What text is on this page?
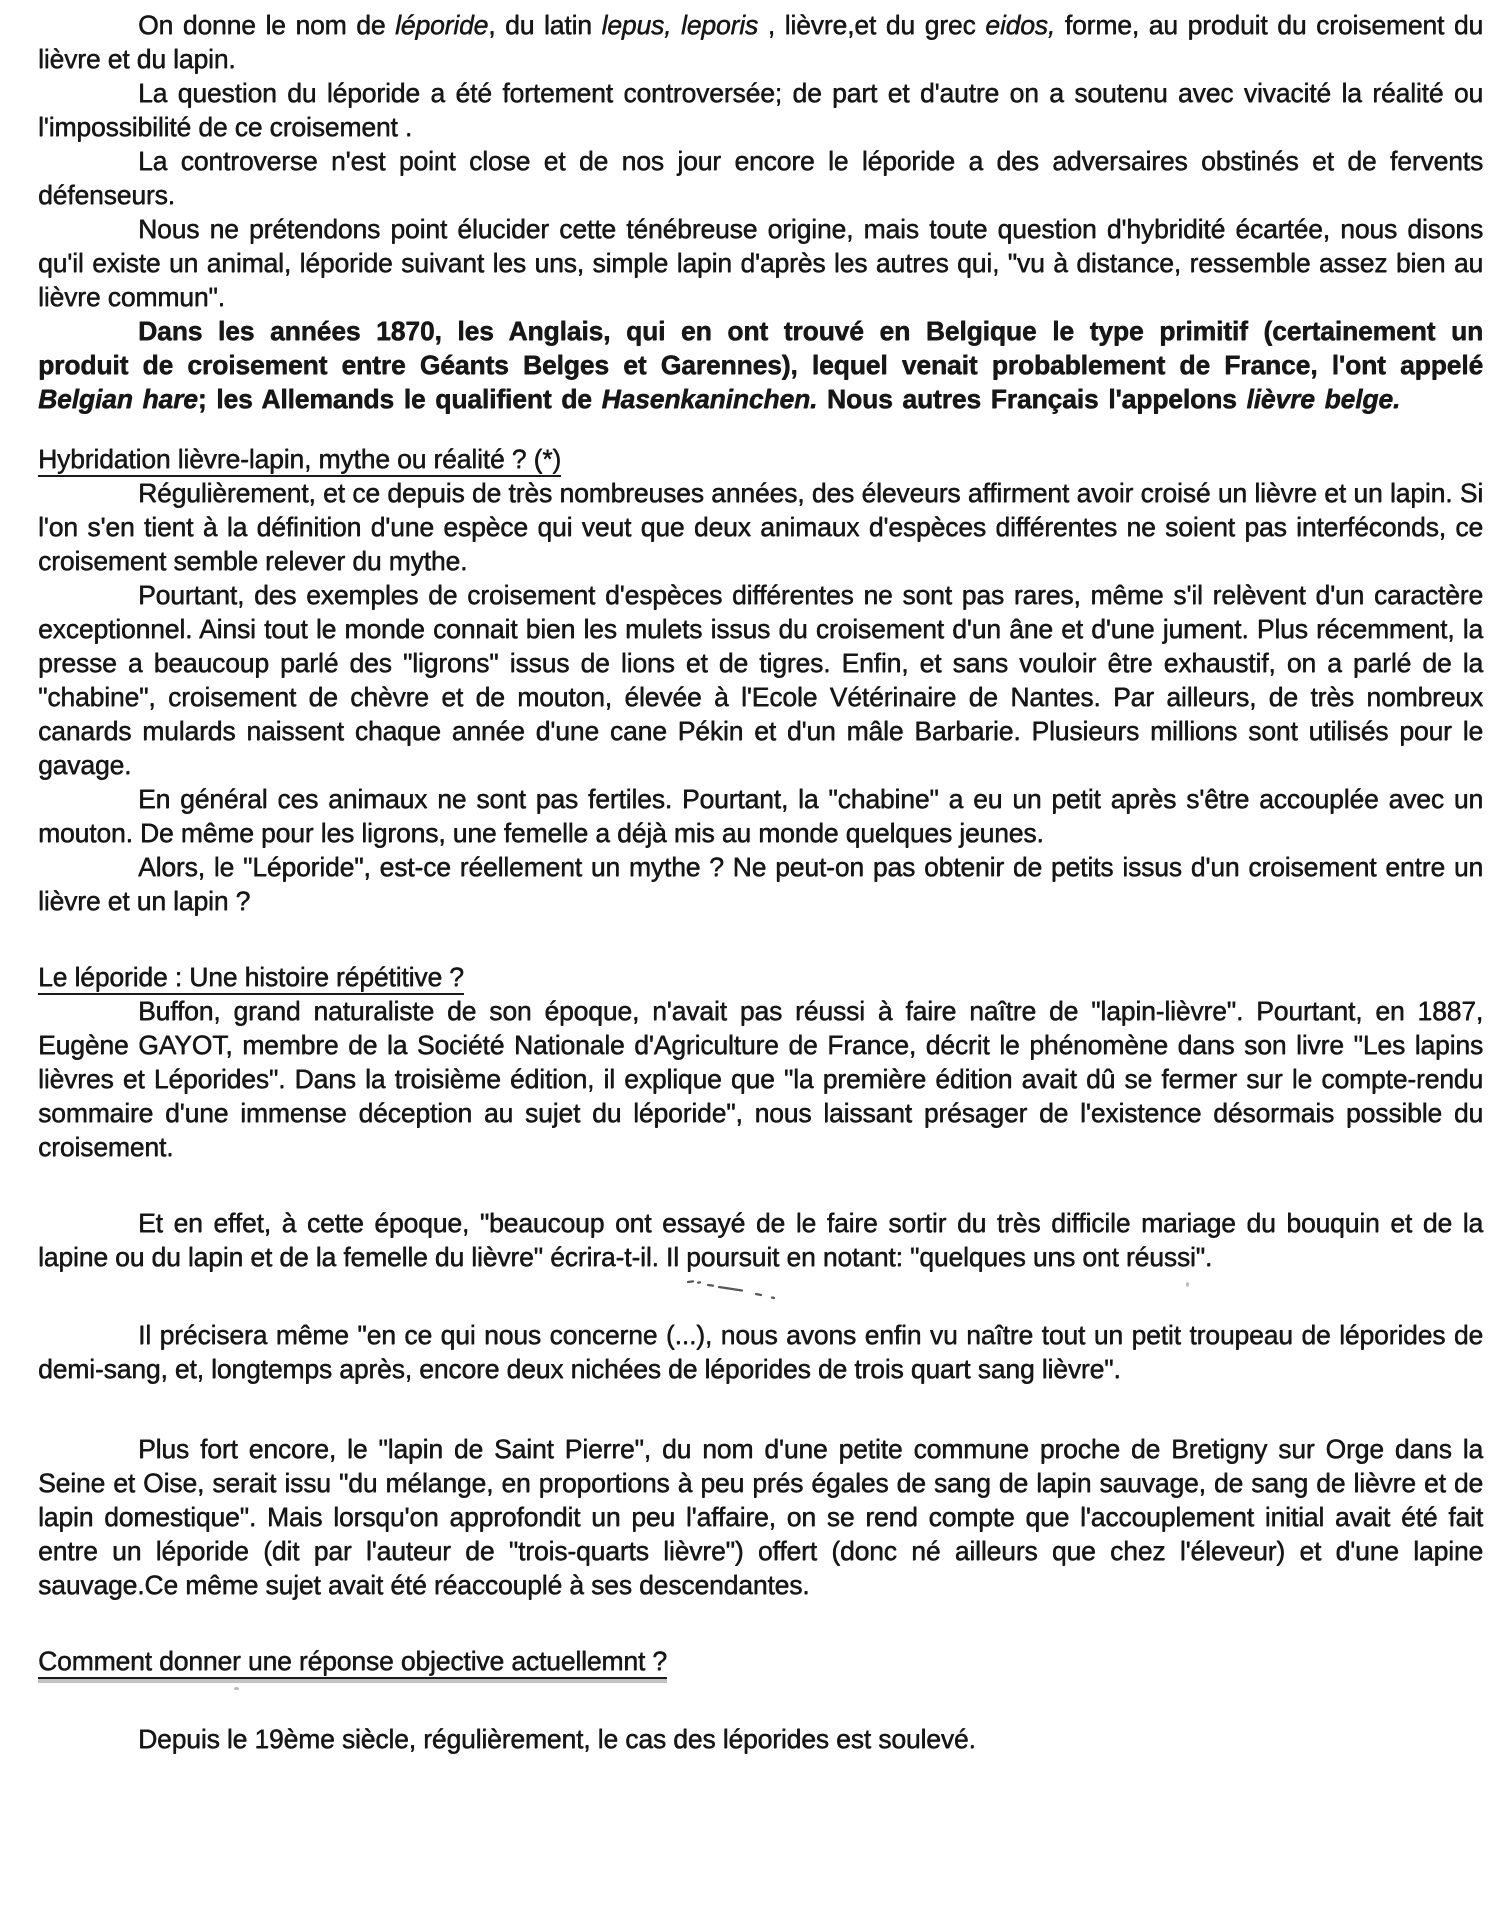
On donne le nom de léporide, du latin lepus, leporis , lièvre,et du grec eidos, forme, au produit du croisement du lièvre et du lapin.

La question du léporide a été fortement controversée; de part et d'autre on a soutenu avec vivacité la réalité ou l'impossibilité de ce croisement .

La controverse n'est point close et de nos jour encore le léporide a des adversaires obstinés et de fervents défenseurs.

Nous ne prétendons point élucider cette ténébreuse origine, mais toute question d'hybridité écartée, nous disons qu'il existe un animal, léporide suivant les uns, simple lapin d'après les autres qui, "vu à distance, ressemble assez bien au lièvre commun".

Dans les années 1870, les Anglais, qui en ont trouvé en Belgique le type primitif (certainement un produit de croisement entre Géants Belges et Garennes), lequel venait probablement de France, l'ont appelé Belgian hare; les Allemands le qualifient de Hasenkaninchen. Nous autres Français l'appelons lièvre belge.

Hybridation lièvre-lapin, mythe ou réalité ? (*)

Régulièrement, et ce depuis de très nombreuses années, des éleveurs affirment avoir croisé un lièvre et un lapin. Si l'on s'en tient à la définition d'une espèce qui veut que deux animaux d'espèces différentes ne soient pas interféconds, ce croisement semble relever du mythe.

Pourtant, des exemples de croisement d'espèces différentes ne sont pas rares, même s'il relèvent d'un caractère exceptionnel. Ainsi tout le monde connait bien les mulets issus du croisement d'un âne et d'une jument. Plus récemment, la presse a beaucoup parlé des "ligrons" issus de lions et de tigres. Enfin, et sans vouloir être exhaustif, on a parlé de la "chabine", croisement de chèvre et de mouton, élevée à l'Ecole Vétérinaire de Nantes. Par ailleurs, de très nombreux canards mulards naissent chaque année d'une cane Pékin et d'un mâle Barbarie. Plusieurs millions sont utilisés pour le gavage.

En général ces animaux ne sont pas fertiles. Pourtant, la "chabine" a eu un petit après s'être accouplée avec un mouton. De même pour les ligrons, une femelle a déjà mis au monde quelques jeunes.

Alors, le "Léporide", est-ce réellement un mythe ? Ne peut-on pas obtenir de petits issus d'un croisement entre un lièvre et un lapin ?

Le léporide : Une histoire répétitive ?

Buffon, grand naturaliste de son époque, n'avait pas réussi à faire naître de "lapin-lièvre". Pourtant, en 1887, Eugène GAYOT, membre de la Société Nationale d'Agriculture de France, décrit le phénomène dans son livre "Les lapins lièvres et Léporides". Dans la troisième édition, il explique que "la première édition avait dû se fermer sur le compte-rendu sommaire d'une immense déception au sujet du léporide", nous laissant présager de l'existence désormais possible du croisement.

Et en effet, à cette époque, "beaucoup ont essayé de le faire sortir du très difficile mariage du bouquin et de la lapine ou du lapin et de la femelle du lièvre" écrira-t-il. Il poursuit en notant: "quelques uns ont réussi".

Il précisera même "en ce qui nous concerne (...), nous avons enfin vu naître tout un petit troupeau de léporides de demi-sang, et, longtemps après, encore deux nichées de léporides de trois quart sang lièvre".

Plus fort encore, le "lapin de Saint Pierre", du nom d'une petite commune proche de Bretigny sur Orge dans la Seine et Oise, serait issu "du mélange, en proportions à peu prés égales de sang de lapin sauvage, de sang de lièvre et de lapin domestique". Mais lorsqu'on approfondit un peu l'affaire, on se rend compte que l'accouplement initial avait été fait entre un léporide (dit par l'auteur de "trois-quarts lièvre") offert (donc né ailleurs que chez l'éleveur) et d'une lapine sauvage.Ce même sujet avait été réaccouplé à ses descendantes.

Comment donner une réponse objective actuellemnt ?

Depuis le 19ème siècle, régulièrement, le cas des léporides est soulevé.
